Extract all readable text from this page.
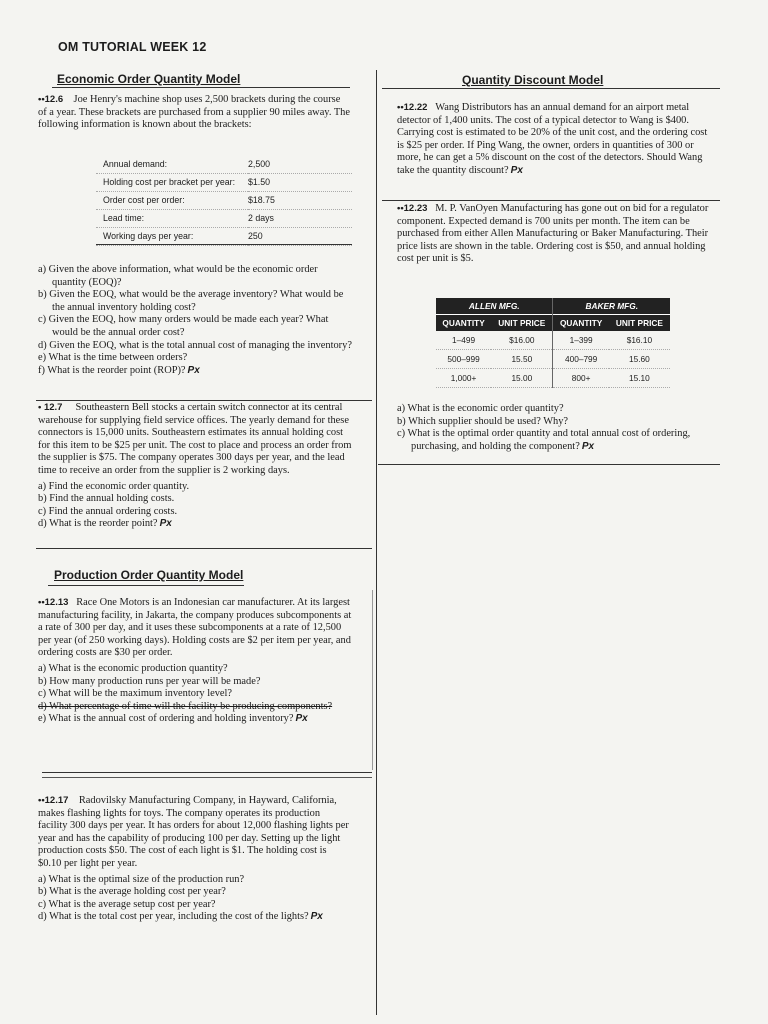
OM TUTORIAL WEEK 12
Economic Order Quantity Model

••12.6 Joe Henry's machine shop uses 2,500 brackets during the course of a year. These brackets are purchased from a supplier 90 miles away. The following information is known about the brackets:

Annual demand:	2,500
Holding cost per bracket per year:	$1.50
Order cost per order:	$18.75
Lead time:	2 days
Working days per year:	250
a) Given the above information, what would be the economic order quantity (EOQ)?
b) Given the EOQ, what would be the average inventory? What would be the annual inventory holding cost?
c) Given the EOQ, how many orders would be made each year? What would be the annual order cost?
d) Given the EOQ, what is the total annual cost of managing the inventory?
e) What is the time between orders?
f) What is the reorder point (ROP)? Px

• 12.7 Southeastern Bell stocks a certain switch connector at its central warehouse for supplying field service offices. The yearly demand for these connectors is 15,000 units. Southeastern estimates its annual holding cost for this item to be $25 per unit. The cost to place and process an order from the supplier is $75. The company operates 300 days per year, and the lead time to receive an order from the supplier is 2 working days.

a) Find the economic order quantity.
b) Find the annual holding costs.
c) Find the annual ordering costs.
d) What is the reorder point? Px
Production Order Quantity Model

••12.13 Race One Motors is an Indonesian car manufacturer. At its largest manufacturing facility, in Jakarta, the company produces subcomponents at a rate of 300 per day, and it uses these subcomponents at a rate of 12,500 per year (of 250 working days). Holding costs are $2 per item per year, and ordering costs are $30 per order.

a) What is the economic production quantity?
b) How many production runs per year will be made?
c) What will be the maximum inventory level?
d) What percentage of time will the facility be producing components?
e) What is the annual cost of ordering and holding inventory? Px

••12.17 Radovilsky Manufacturing Company, in Hayward, California, makes flashing lights for toys. The company operates its production facility 300 days per year. It has orders for about 12,000 flashing lights per year and has the capability of producing 100 per day. Setting up the light production costs $50. The cost of each light is $1. The holding cost is $0.10 per light per year.

a) What is the optimal size of the production run?
b) What is the average holding cost per year?
c) What is the average setup cost per year?
d) What is the total cost per year, including the cost of the lights? Px
Quantity Discount Model

••12.22 Wang Distributors has an annual demand for an airport metal detector of 1,400 units. The cost of a typical detector to Wang is $400. Carrying cost is estimated to be 20% of the unit cost, and the ordering cost is $25 per order. If Ping Wang, the owner, orders in quantities of 300 or more, he can get a 5% discount on the cost of the detectors. Should Wang take the quantity discount? Px

••12.23 M. P. VanOyen Manufacturing has gone out on bid for a regulator component. Expected demand is 700 units per month. The item can be purchased from either Allen Manufacturing or Baker Manufacturing. Their price lists are shown in the table. Ordering cost is $50, and annual holding cost per unit is $5.

ALLEN MFG.		BAKER MFG.	
QUANTITY	UNIT PRICE	QUANTITY	UNIT PRICE
1–499	$16.00	1–399	$16.10
500–999	15.50	400–799	15.60
1,000+	15.00	800+	15.10
a) What is the economic order quantity?
b) Which supplier should be used? Why?
c) What is the optimal order quantity and total annual cost of ordering, purchasing, and holding the component? Px
